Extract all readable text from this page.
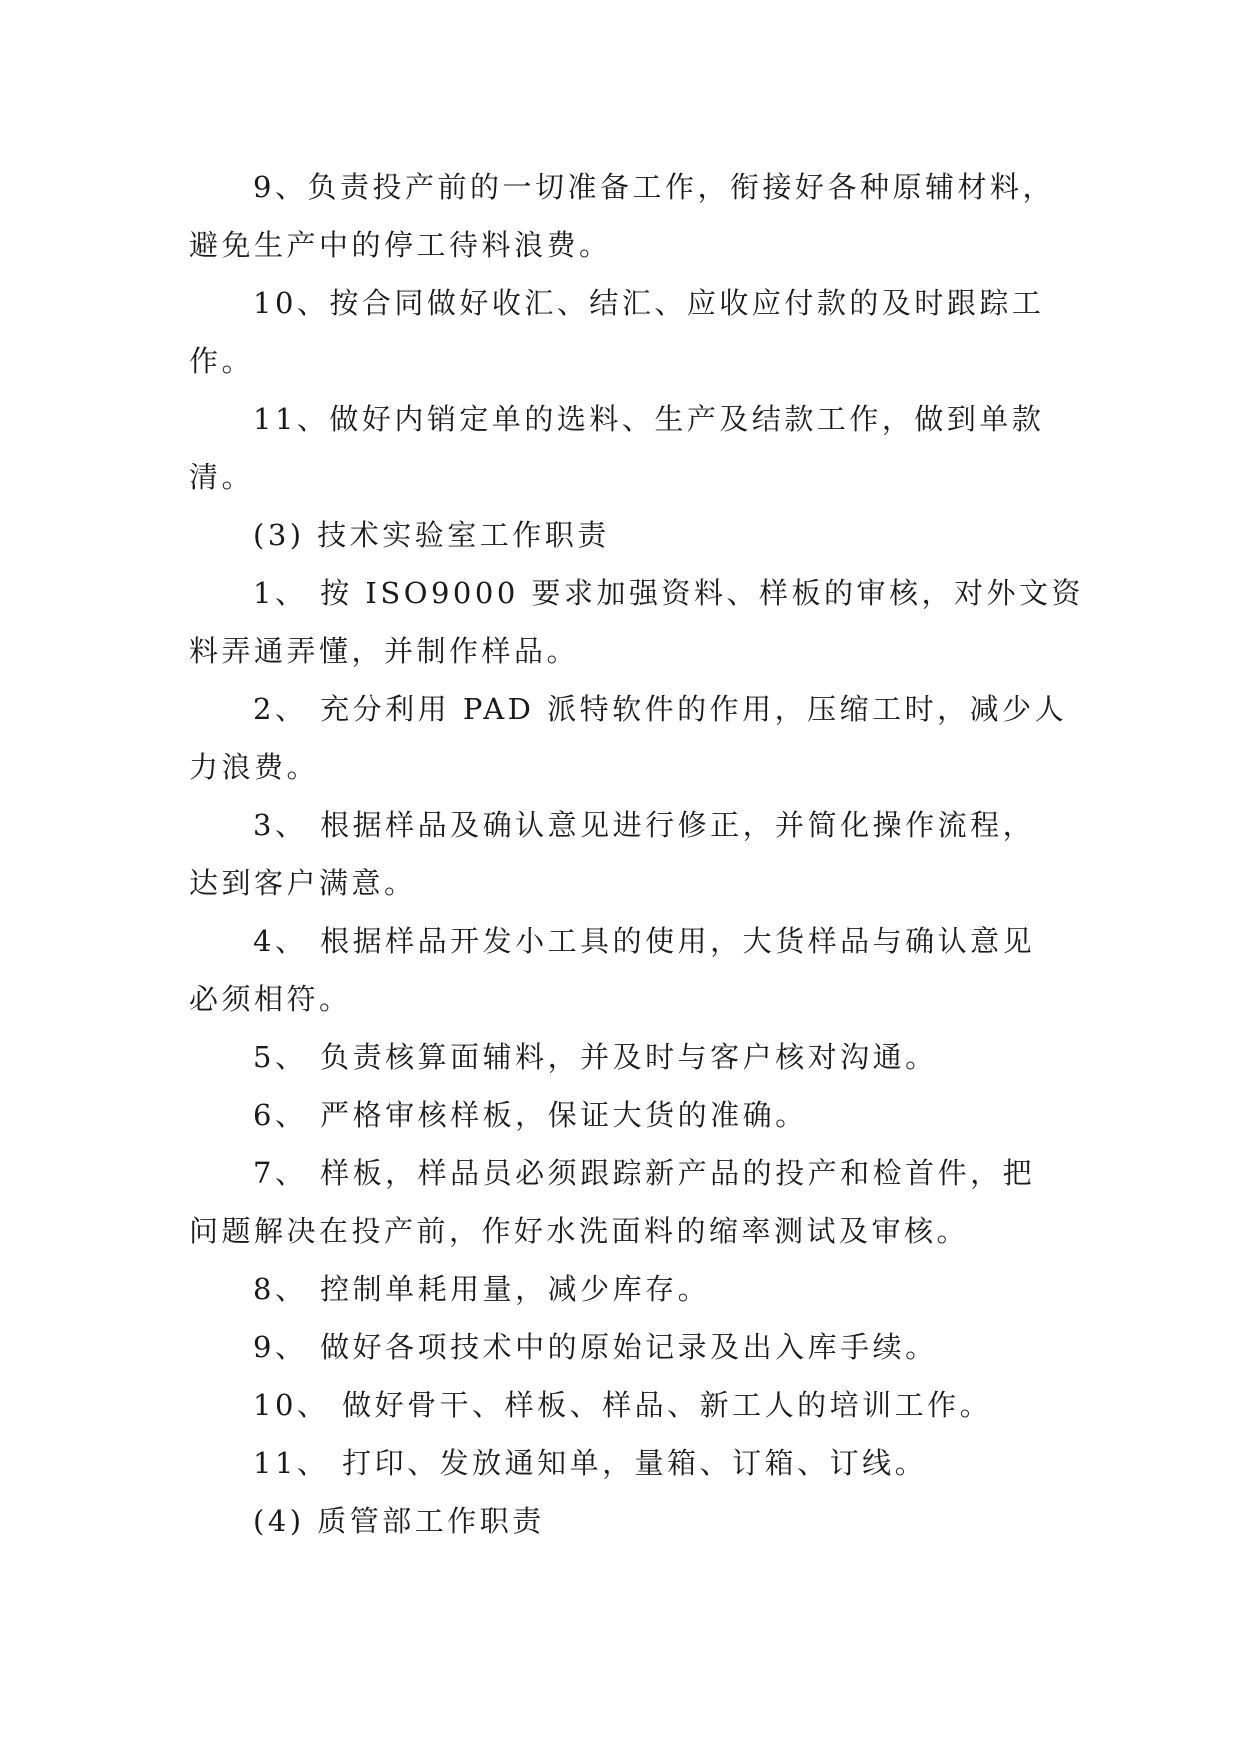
9、负责投产前的一切准备工作，衔接好各种原辅材料，
避免生产中的停工待料浪费。

10、按合同做好收汇、结汇、应收应付款的及时跟踪工
作。

11、做好内销定单的选料、生产及结款工作，做到单款
清。

(3) 技术实验室工作职责

1、 按 ISO9000 要求加强资料、样板的审核，对外文资
料弄通弄懂，并制作样品。

2、 充分利用 PAD 派特软件的作用，压缩工时，减少人
力浪费。

3、 根据样品及确认意见进行修正，并简化操作流程，
达到客户满意。

4、 根据样品开发小工具的使用，大货样品与确认意见
必须相符。

5、 负责核算面辅料，并及时与客户核对沟通。

6、 严格审核样板，保证大货的准确。

7、 样板，样品员必须跟踪新产品的投产和检首件，把
问题解决在投产前，作好水洗面料的缩率测试及审核。

8、 控制单耗用量，减少库存。

9、 做好各项技术中的原始记录及出入库手续。

10、 做好骨干、样板、样品、新工人的培训工作。

11、 打印、发放通知单，量箱、订箱、订线。

(4) 质管部工作职责
